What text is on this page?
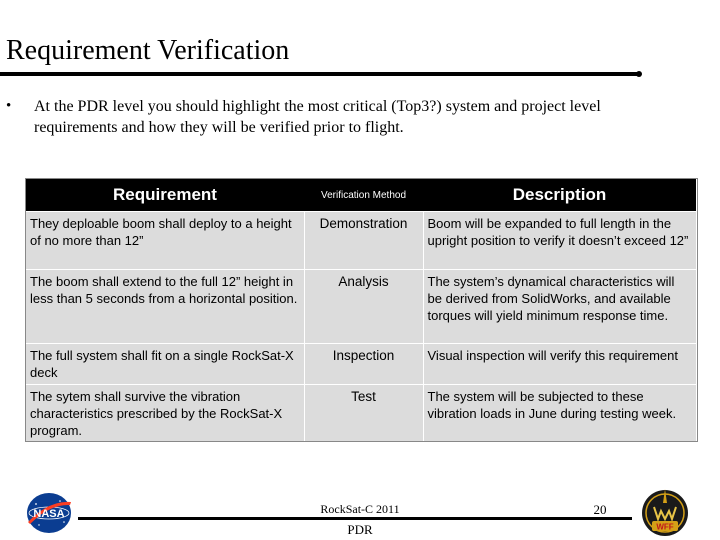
Requirement Verification
• At the PDR level you should highlight the most critical (Top3?) system and project level requirements and how they will be verified prior to flight.
Requirement	Verification Method	Description
They deploable boom shall deploy to a height of no more than 12”	Demonstration	Boom will be expanded to full length in the upright position to verify it doesn’t exceed 12”
The boom shall extend to the full 12” height in less than 5 seconds from a horizontal position.	Analysis	The system’s dynamical characteristics will be derived from SolidWorks, and available torques will yield minimum response time.
The full system shall fit on a single RockSat-X deck	Inspection	Visual inspection will verify this requirement
The sytem shall survive the vibration characteristics prescribed by the RockSat-X program.	Test	The system will be subjected to these vibration loads in June during testing week.
NASA	RockSat-C 2011
PDR
20
WFF
